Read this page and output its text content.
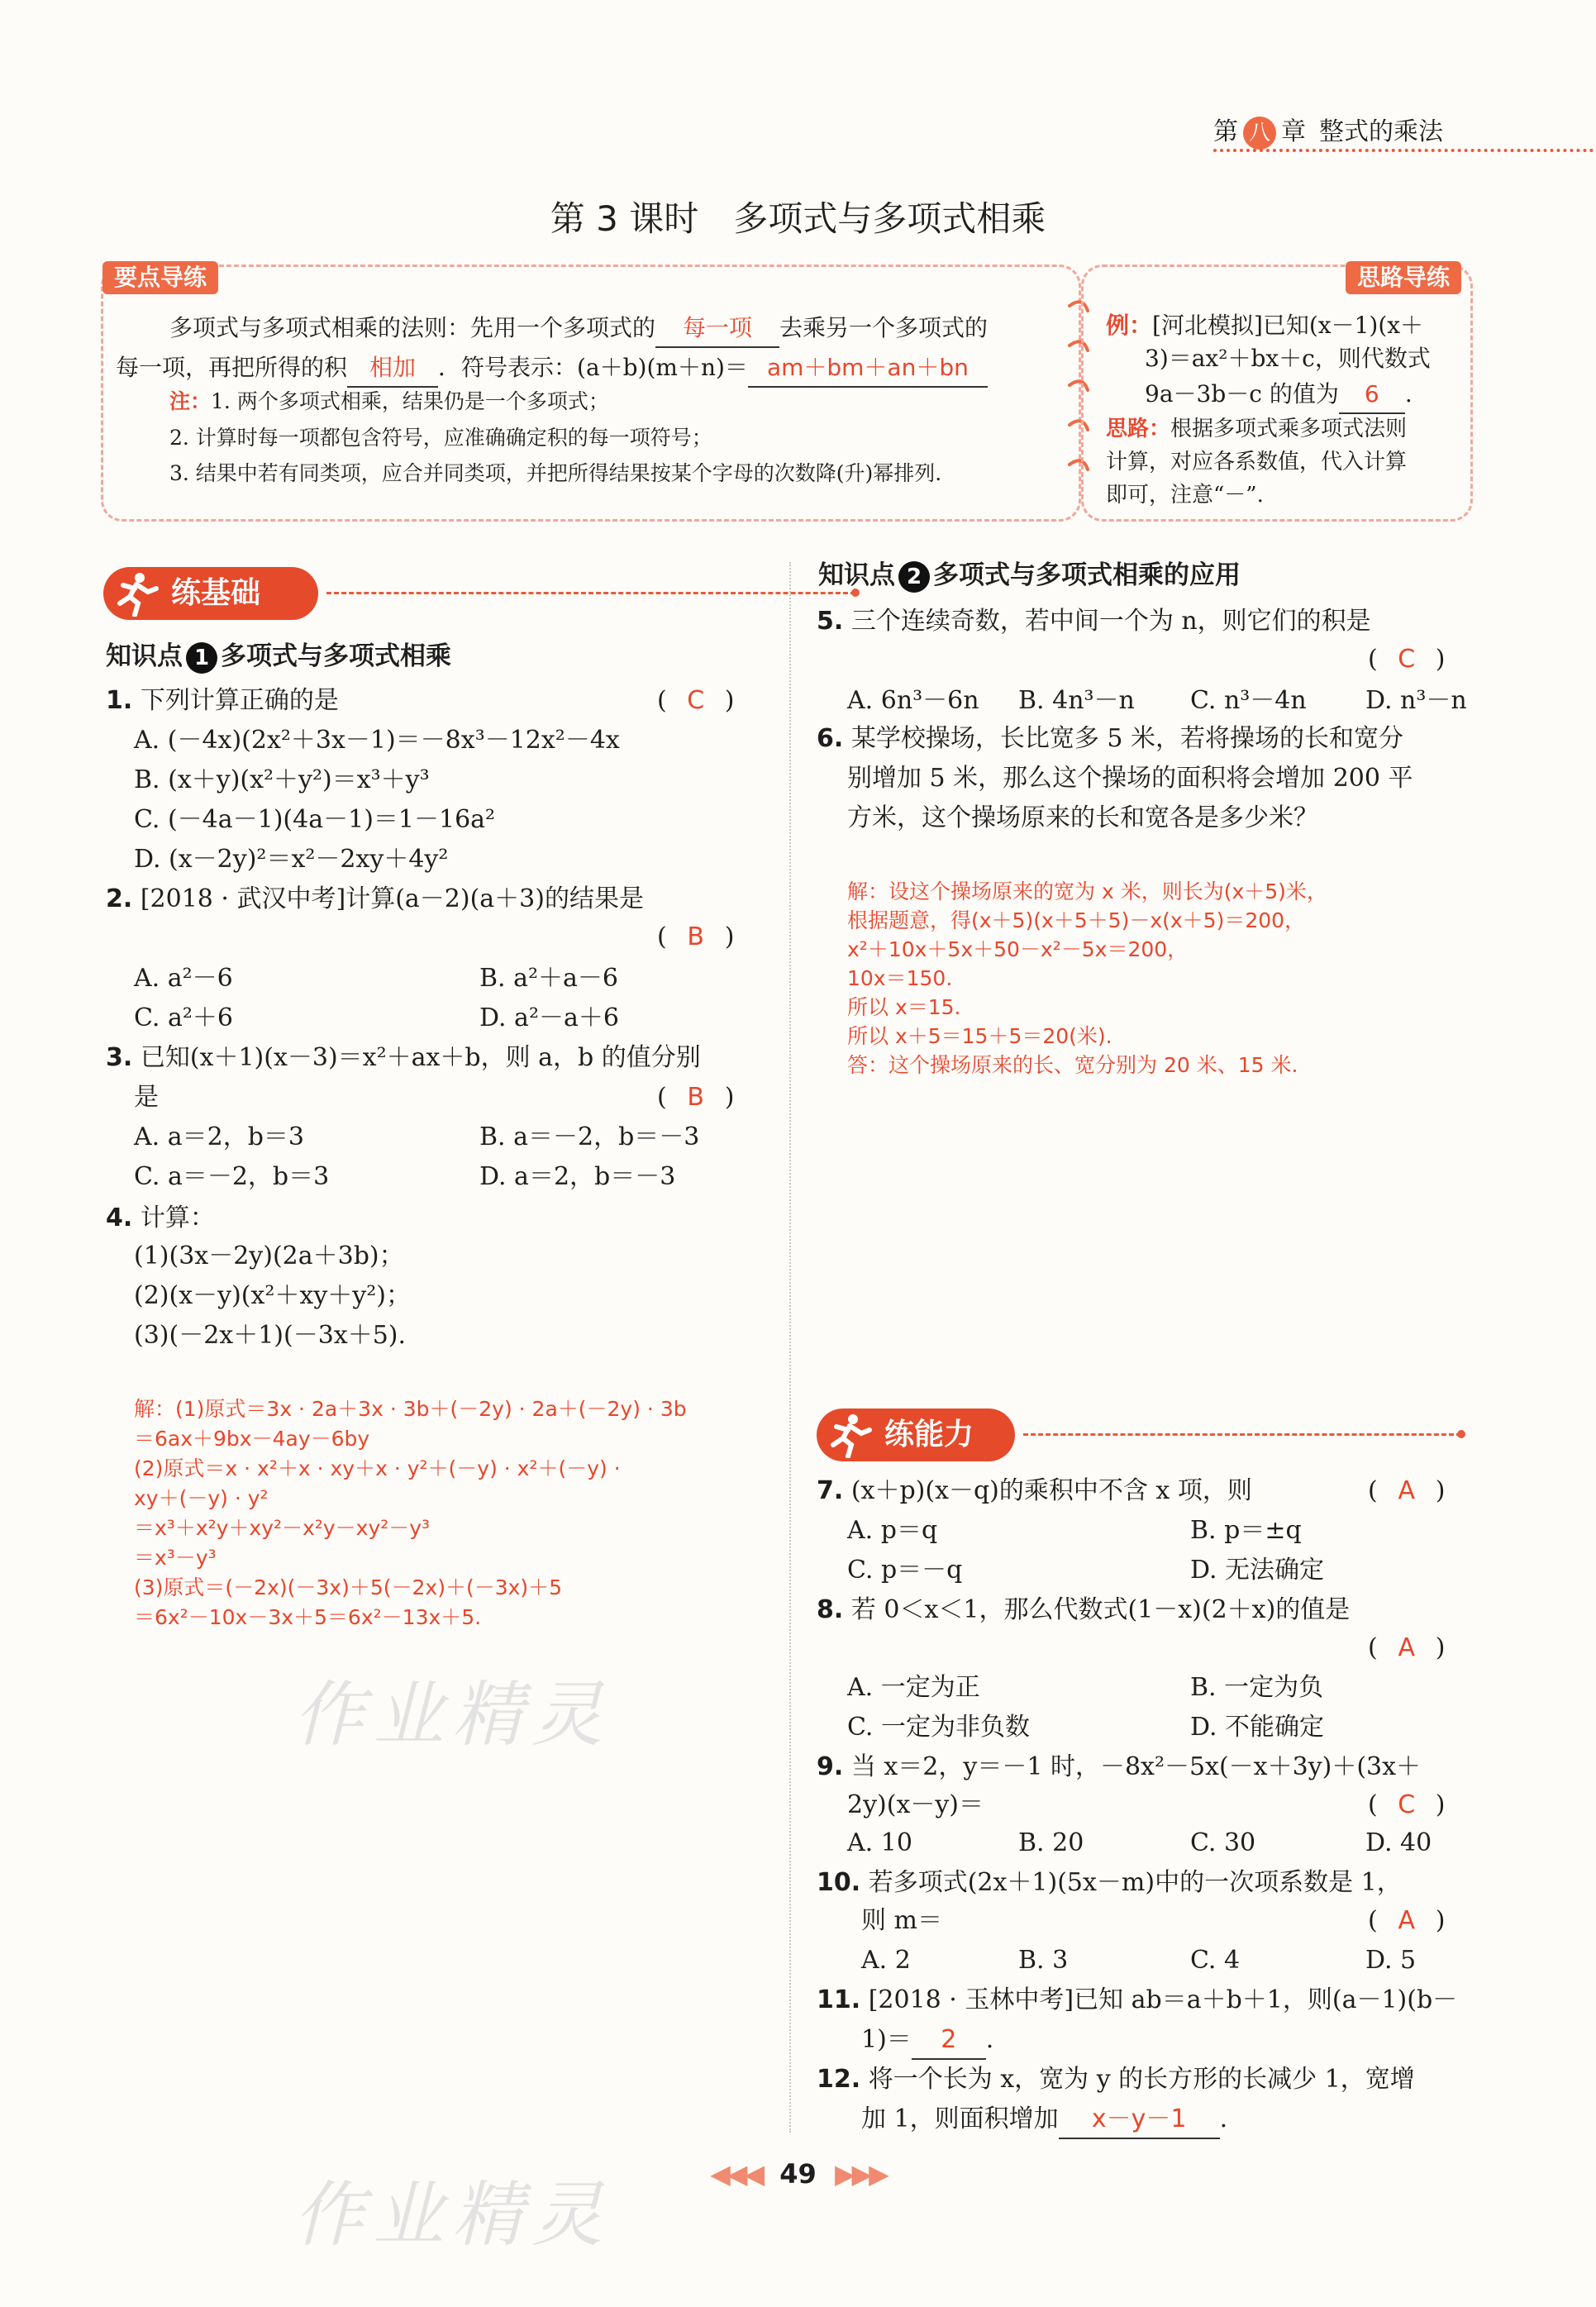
第 八 章 整式的乘法
第 3 课时　多项式与多项式相乘
要点导练
多项式与多项式相乘的法则：先用一个多项式的 每一项 去乘另一个多项式的
每一项，再把所得的积 相加 ．符号表示：(a＋b)(m＋n)＝ am＋bm＋an＋bn
注：1. 两个多项式相乘，结果仍是一个多项式；
2. 计算时每一项都包含符号，应准确确定积的每一项符号；
3. 结果中若有同类项，应合并同类项，并把所得结果按某个字母的次数降(升)幂排列.
思路导练
例：[河北模拟]已知(x－1)(x＋
3)＝ax²＋bx＋c，则代数式
9a－3b－c 的值为 6 .
思路：根据多项式乘多项式法则
计算，对应各系数值，代入计算
即可，注意“－”.
练基础
知识点 1 多项式与多项式相乘
1. 下列计算正确的是	( C )
A. (－4x)(2x²＋3x－1)＝－8x³－12x²－4x
B. (x＋y)(x²＋y²)＝x³＋y³
C. (－4a－1)(4a－1)＝1－16a²
D. (x－2y)²＝x²－2xy＋4y²
2. [2018 · 武汉中考]计算(a－2)(a＋3)的结果是
( B )
A. a²－6	B. a²＋a－6
C. a²＋6	D. a²－a＋6
3. 已知(x＋1)(x－3)＝x²＋ax＋b，则 a，b 的值分别
是	( B )
A. a＝2，b＝3	B. a＝－2，b＝－3
C. a＝－2，b＝3	D. a＝2，b＝－3
4. 计算：
(1)(3x－2y)(2a＋3b)；
(2)(x－y)(x²＋xy＋y²)；
(3)(－2x＋1)(－3x＋5).
解：(1)原式＝3x · 2a＋3x · 3b＋(－2y) · 2a＋(－2y) · 3b
＝6ax＋9bx－4ay－6by
(2)原式＝x · x²＋x · xy＋x · y²＋(－y) · x²＋(－y) ·
xy＋(－y) · y²
＝x³＋x²y＋xy²－x²y－xy²－y³
＝x³－y³
(3)原式＝(－2x)(－3x)＋5(－2x)＋(－3x)＋5
＝6x²－10x－3x＋5＝6x²－13x＋5.
作业精灵
作业精灵
知识点 2 多项式与多项式相乘的应用
5. 三个连续奇数，若中间一个为 n，则它们的积是
( C )
A. 6n³－6n B. 4n³－n C. n³－4n D. n³－n
6. 某学校操场，长比宽多 5 米，若将操场的长和宽分
别增加 5 米，那么这个操场的面积将会增加 200 平
方米，这个操场原来的长和宽各是多少米？
解：设这个操场原来的宽为 x 米，则长为(x＋5)米，
根据题意，得(x＋5)(x＋5＋5)－x(x＋5)＝200，
x²＋10x＋5x＋50－x²－5x＝200，
10x＝150.
所以 x＝15.
所以 x＋5＝15＋5＝20(米).
答：这个操场原来的长、宽分别为 20 米、15 米.
练能力
7. (x＋p)(x－q)的乘积中不含 x 项，则	( A )
A. p＝q	B. p＝±q
C. p＝－q	D. 无法确定
8. 若 0＜x＜1，那么代数式(1－x)(2＋x)的值是
( A )
A. 一定为正	B. 一定为负
C. 一定为非负数	D. 不能确定
9. 当 x＝2，y＝－1 时，－8x²－5x(－x＋3y)＋(3x＋
2y)(x－y)＝	( C )
A. 10	B. 20	C. 30	D. 40
10. 若多项式(2x＋1)(5x－m)中的一次项系数是 1，
则 m＝	( A )
A. 2	B. 3	C. 4	D. 5
11. [2018 · 玉林中考]已知 ab＝a＋b＋1，则(a－1)(b－
1)＝ 2 .
12. 将一个长为 x，宽为 y 的长方形的长减少 1，宽增
加 1，则面积增加 x－y－1 .
◀◀◀ 49 ▶▶▶
